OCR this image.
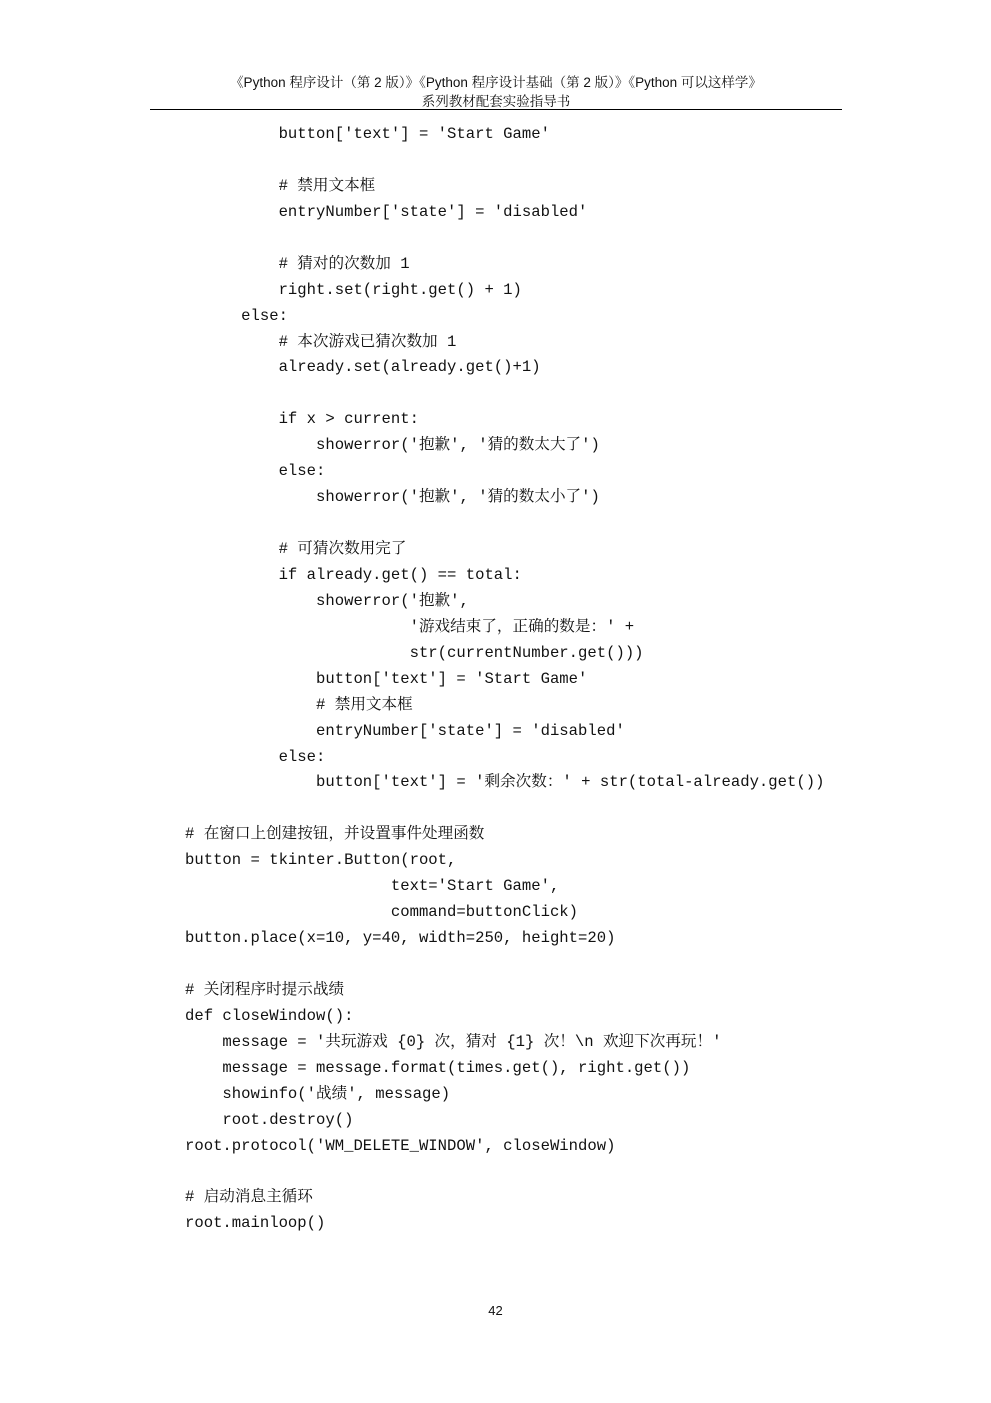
《Python 程序设计（第 2 版）》《Python 程序设计基础（第 2 版）》《Python 可以这样学》
系列教材配套实验指导书
button['text'] = 'Start Game'
# 禁用文本框
entryNumber['state'] = 'disabled'
# 猜对的次数加 1
right.set(right.get() + 1)
else:
# 本次游戏已猜次数加 1
already.set(already.get()+1)
if x > current:
showerror('抱歉', '猜的数太大了')
else:
showerror('抱歉', '猜的数太小了')
# 可猜次数用完了
if already.get() == total:
showerror('抱歉',
'游戏结束了，正确的数是：' +
str(currentNumber.get()))
button['text'] = 'Start Game'
# 禁用文本框
entryNumber['state'] = 'disabled'
else:
button['text'] = '剩余次数：' + str(total-already.get())
# 在窗口上创建按钮，并设置事件处理函数
button = tkinter.Button(root,
text='Start Game',
command=buttonClick)
button.place(x=10, y=40, width=250, height=20)
# 关闭程序时提示战绩
def closeWindow():
message = '共玩游戏 {0} 次，猜对 {1} 次！\n 欢迎下次再玩！'
message = message.format(times.get(), right.get())
showinfo('战绩', message)
root.destroy()
root.protocol('WM_DELETE_WINDOW', closeWindow)
# 启动消息主循环
root.mainloop()
42
